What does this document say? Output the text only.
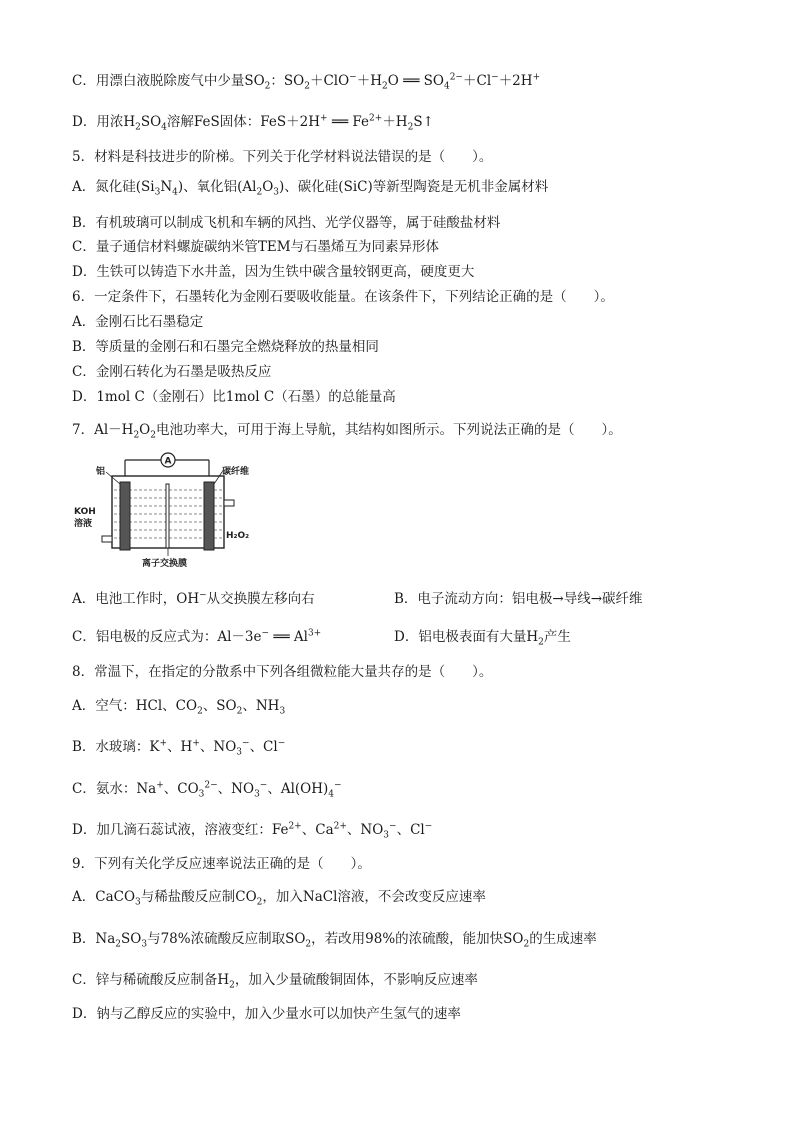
C．用漂白液脱除废气中少量$SO_2$：$SO_2+ClO^-+H_2O$ ══ $SO_4^{2-}+Cl^-+2H^+$
D．用浓$H_2SO_4$溶解FeS固体：FeS＋2H+ ══ $Fe^{2+}+H_2S↑$
5．材料是科技进步的阶梯。下列关于化学材料说法错误的是（　　）。
A．氮化硅$(Si_3N_4)$、氧化铝$(Al_2O_3)$、碳化硅(SiC)等新型陶瓷是无机非金属材料
B．有机玻璃可以制成飞机和车辆的风挡、光学仪器等，属于硅酸盐材料
C．量子通信材料螺旋碳纳米管TEM与石墨烯互为同素异形体
D．生铁可以铸造下水井盖，因为生铁中碳含量较钢更高，硬度更大
6．一定条件下，石墨转化为金刚石要吸收能量。在该条件下，下列结论正确的是（　　）。
A．金刚石比石墨稳定
B．等质量的金刚石和石墨完全燃烧释放的热量相同
C．金刚石转化为石墨是吸热反应
D．1mol C（金刚石）比1mol C（石墨）的总能量高
7．$Al-H_2O_2$电池功率大，可用于海上导航，其结构如图所示。下列说法正确的是（　　）。
A．电池工作时，OH−从交换膜左移向右
C．铝电极的反应式为：Al－3e− ══ $Al^{3+}$
8．常温下，在指定的分散系中下列各组微粒能大量共存的是（　　）。
A．空气：HCl、$CO_2$、$SO_2$、$NH_3$
B．水玻璃：K+、H+、$NO_3^-$、Cl−
C．氨水：Na+、$CO_3^{2-}$、$NO_3^-$、$Al(OH)_4^-$
D．加几滴石蕊试液，溶液变红：$Fe^{2+}$、$Ca^{2+}$、$NO_3^-$、Cl−
9．下列有关化学反应速率说法正确的是（　　）。
A．CaCO$_3$与稀盐酸反应制$CO_2$，加入NaCl溶液，不会改变反应速率
B．$Na_2SO_3$与78%浓硫酸反应制取$SO_2$，若改用98%的浓硫酸，能加快$SO_2$的生成速率
C．锌与稀硫酸反应制备$H_2$，加入少量硫酸铜固体，不影响反应速率
D．钠与乙醇反应的实验中，加入少量水可以加快产生氢气的速率
B．电子流动方向：铝电极→导线→碳纤维
D．铝电极表面有大量$H_2$产生
A
铝	碳纤维
KOH
溶液
H₂O₂
离子交换膜
